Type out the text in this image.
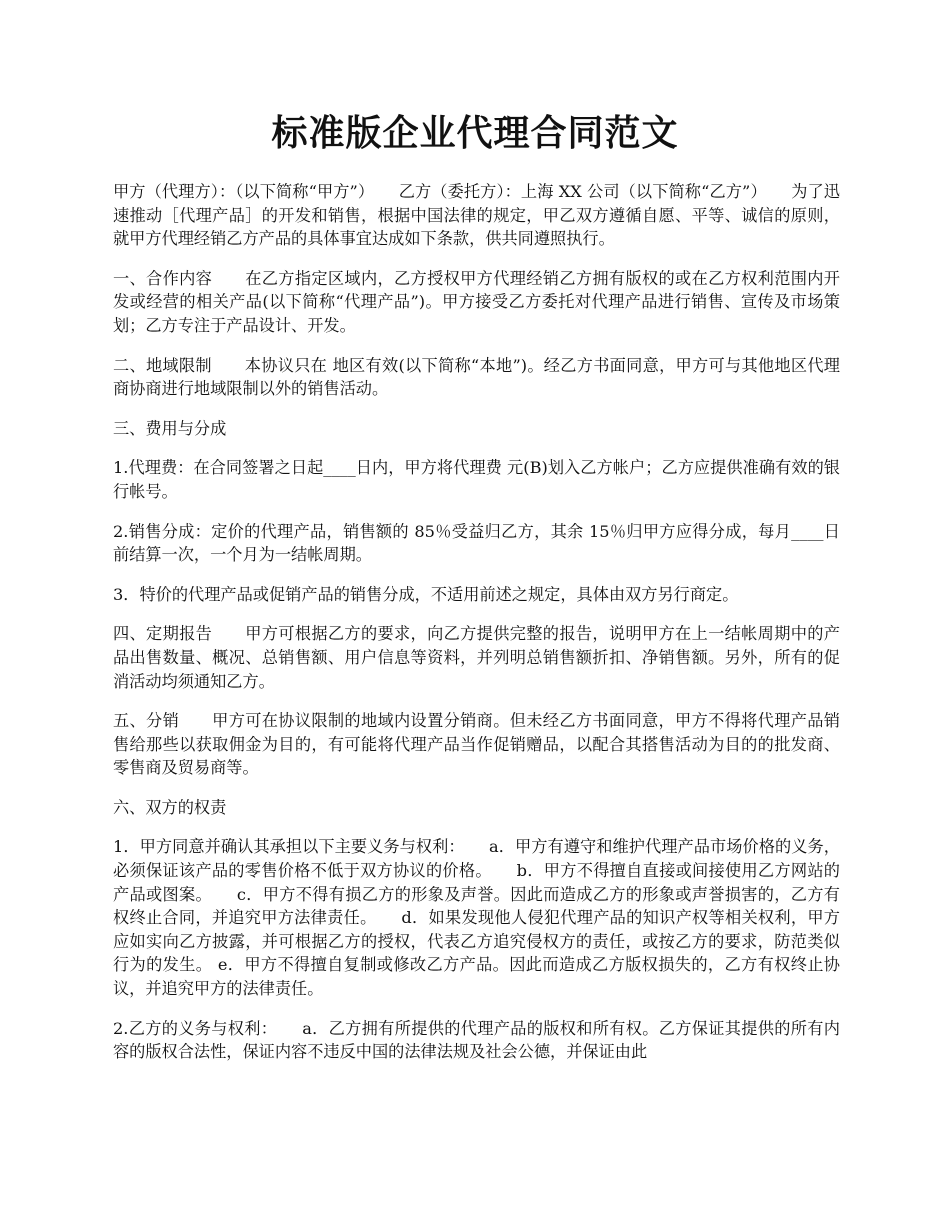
标准版企业代理合同范文

甲方（代理方）：（以下简称“甲方”）　　乙方（委托方）：上海 XX 公司（以下简称“乙方”）　　为了迅速推动［代理产品］的开发和销售，根据中国法律的规定，甲乙双方遵循自愿、平等、诚信的原则，就甲方代理经销乙方产品的具体事宜达成如下条款，供共同遵照执行。

一、合作内容　　在乙方指定区域内，乙方授权甲方代理经销乙方拥有版权的或在乙方权利范围内开发或经营的相关产品(以下简称“代理产品”)。甲方接受乙方委托对代理产品进行销售、宣传及市场策划；乙方专注于产品设计、开发。

二、地域限制　　本协议只在 地区有效(以下简称“本地”)。经乙方书面同意，甲方可与其他地区代理商协商进行地域限制以外的销售活动。

三、费用与分成

1.代理费：在合同签署之日起____日内，甲方将代理费 元(B)划入乙方帐户；乙方应提供准确有效的银行帐号。

2.销售分成：定价的代理产品，销售额的 85％受益归乙方，其余 15％归甲方应得分成，每月____日前结算一次，一个月为一结帐周期。

3．特价的代理产品或促销产品的销售分成，不适用前述之规定，具体由双方另行商定。

四、定期报告　　甲方可根据乙方的要求，向乙方提供完整的报告，说明甲方在上一结帐周期中的产品出售数量、概况、总销售额、用户信息等资料，并列明总销售额折扣、净销售额。另外，所有的促消活动均须通知乙方。

五、分销　　甲方可在协议限制的地域内设置分销商。但未经乙方书面同意，甲方不得将代理产品销售给那些以获取佣金为目的，有可能将代理产品当作促销赠品，以配合其搭售活动为目的的批发商、零售商及贸易商等。

六、双方的权责

1．甲方同意并确认其承担以下主要义务与权利：　　a．甲方有遵守和维护代理产品市场价格的义务，必须保证该产品的零售价格不低于双方协议的价格。　　b．甲方不得擅自直接或间接使用乙方网站的产品或图案。　　c．甲方不得有损乙方的形象及声誉。因此而造成乙方的形象或声誉损害的，乙方有权终止合同，并追究甲方法律责任。　　d．如果发现他人侵犯代理产品的知识产权等相关权利，甲方应如实向乙方披露，并可根据乙方的授权，代表乙方追究侵权方的责任，或按乙方的要求，防范类似行为的发生。 e．甲方不得擅自复制或修改乙方产品。因此而造成乙方版权损失的，乙方有权终止协议，并追究甲方的法律责任。

2.乙方的义务与权利：　　a．乙方拥有所提供的代理产品的版权和所有权。乙方保证其提供的所有内容的版权合法性，保证内容不违反中国的法律法规及社会公德，并保证由此
